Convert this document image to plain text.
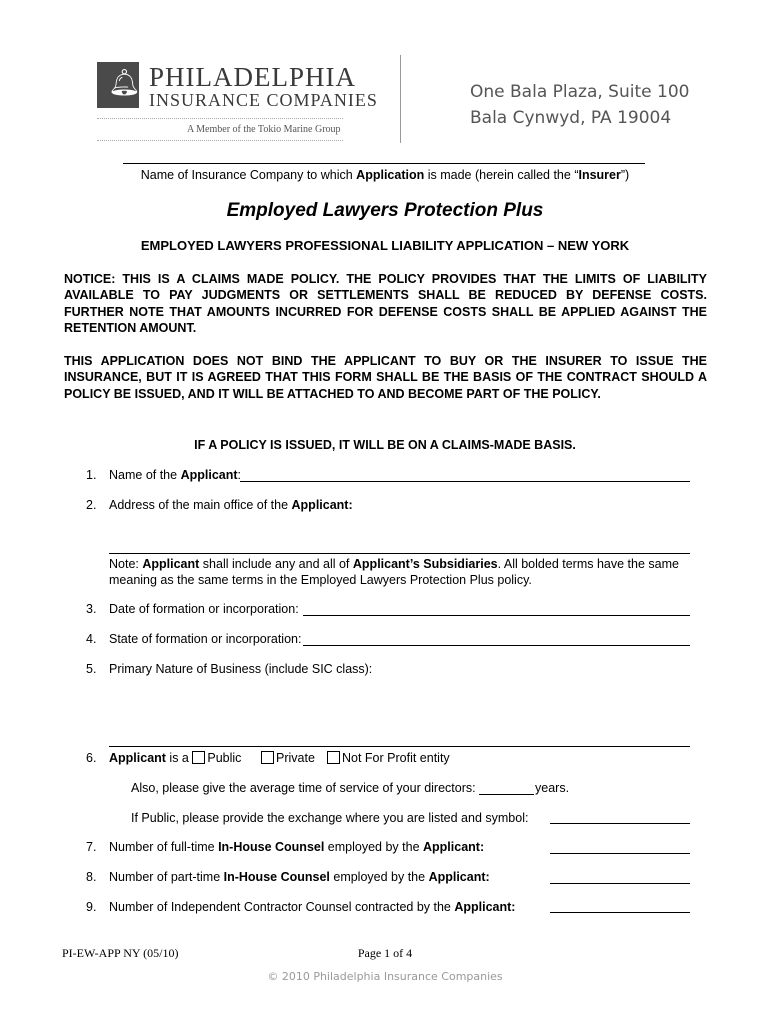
🔔︎ PHILADELPHIA
INSURANCE COMPANIES
A Member of the Tokio Marine Group
One Bala Plaza, Suite 100
Bala Cynwyd, PA 19004
Name of Insurance Company to which Application is made (herein called the “Insurer”)
Employed Lawyers Protection Plus
EMPLOYED LAWYERS PROFESSIONAL LIABILITY APPLICATION – NEW YORK
NOTICE: THIS IS A CLAIMS MADE POLICY. THE POLICY PROVIDES THAT THE LIMITS OF LIABILITY AVAILABLE TO PAY JUDGMENTS OR SETTLEMENTS SHALL BE REDUCED BY DEFENSE COSTS. FURTHER NOTE THAT AMOUNTS INCURRED FOR DEFENSE COSTS SHALL BE APPLIED AGAINST THE RETENTION AMOUNT.
THIS APPLICATION DOES NOT BIND THE APPLICANT TO BUY OR THE INSURER TO ISSUE THE INSURANCE, BUT IT IS AGREED THAT THIS FORM SHALL BE THE BASIS OF THE CONTRACT SHOULD A POLICY BE ISSUED, AND IT WILL BE ATTACHED TO AND BECOME PART OF THE POLICY.
IF A POLICY IS ISSUED, IT WILL BE ON A CLAIMS-MADE BASIS.
1. Name of the Applicant:
2. Address of the main office of the Applicant:
Note: Applicant shall include any and all of Applicant’s Subsidiaries. All bolded terms have the same
meaning as the same terms in the Employed Lawyers Protection Plus policy.
3. Date of formation or incorporation:
4. State of formation or incorporation:
5. Primary Nature of Business (include SIC class):
6. Applicant is a Public	Private	Not For Profit entity
Also, please give the average time of service of your directors:	years.
If Public, please provide the exchange where you are listed and symbol:
7. Number of full-time In-House Counsel employed by the Applicant:
8. Number of part-time In-House Counsel employed by the Applicant:
9. Number of Independent Contractor Counsel contracted by the Applicant:
PI-EW-APP NY (05/10)	Page 1 of 4
© 2010 Philadelphia Insurance Companies
